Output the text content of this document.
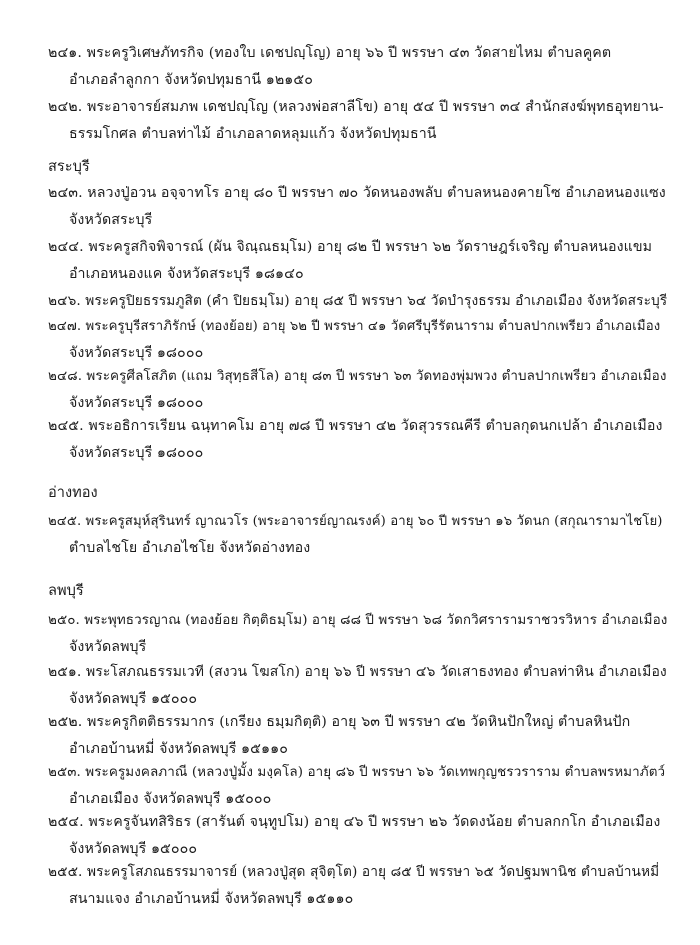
๒๔๑. พระครูวิเศษภัทรกิจ (ทองใบ เดชปญฺโญ) อายุ ๖๖ ปี พรรษา ๔๓ วัดสายไหม ตำบลคูคต
อำเภอลำลูกกา จังหวัดปทุมธานี ๑๒๑๕๐
๒๔๒. พระอาจารย์สมภพ เดชปญฺโญ (หลวงพ่อสาลีโข) อายุ ๕๔ ปี พรรษา ๓๔ สำนักสงฆ์พุทธอุทยาน-
ธรรมโกศล ตำบลท่าไม้ อำเภอลาดหลุมแก้ว จังหวัดปทุมธานี
สระบุรี
๒๔๓. หลวงปู่อวน อจฺจาทโร อายุ ๘๐ ปี พรรษา ๗๐ วัดหนองพลับ ตำบลหนองคายโซ อำเภอหนองแซง
จังหวัดสระบุรี
๒๔๔. พระครูสกิจพิจารณ์ (ผัน จิณฺณธมฺโม) อายุ ๘๒ ปี พรรษา ๖๒ วัดราษฎร์เจริญ ตำบลหนองแขม
อำเภอหนองแค จังหวัดสระบุรี ๑๘๑๔๐
๒๔๖. พระครูปิยธรรมภูสิต (คำ ปิยธมฺโม) อายุ ๘๕ ปี พรรษา ๖๔ วัดบำรุงธรรม อำเภอเมือง จังหวัดสระบุรี
๒๔๗. พระครูบุรีสราภิรักษ์ (ทองย้อย) อายุ ๖๒ ปี พรรษา ๔๑ วัดศรีบุรีรัตนาราม ตำบลปากเพรียว อำเภอเมือง
จังหวัดสระบุรี ๑๘๐๐๐
๒๔๘. พระครูศีลโสภิต (แถม วิสุทฺธสีโล) อายุ ๘๓ ปี พรรษา ๖๓ วัดทองพุ่มพวง ตำบลปากเพรียว อำเภอเมือง
จังหวัดสระบุรี ๑๘๐๐๐
๒๔๕. พระอธิการเรียน ฉนฺทาคโม อายุ ๗๘ ปี พรรษา ๔๒ วัดสุวรรณคีรี ตำบลกุดนกเปล้า อำเภอเมือง
จังหวัดสระบุรี ๑๘๐๐๐
อ่างทอง
๒๔๕. พระครูสมุห์สุรินทร์ ญาณวโร (พระอาจารย์ญาณรงค์) อายุ ๖๐ ปี พรรษา ๑๖ วัดนก (สกุณารามาไชโย)
ตำบลไชโย อำเภอไชโย จังหวัดอ่างทอง
ลพบุรี
๒๕๐. พระพุทธวรญาณ (ทองย้อย กิตฺติธมฺโม) อายุ ๘๘ ปี พรรษา ๖๘ วัดกวิศรารามราชวรวิหาร อำเภอเมือง
จังหวัดลพบุรี
๒๕๑. พระโสภณธรรมเวที (สงวน โฆสโก) อายุ ๖๖ ปี พรรษา ๔๖ วัดเสาธงทอง ตำบลท่าหิน อำเภอเมือง
จังหวัดลพบุรี ๑๕๐๐๐
๒๕๒. พระครูกิตติธรรมากร (เกรียง ธมฺมกิตฺติ) อายุ ๖๓ ปี พรรษา ๔๒ วัดหินปักใหญ่ ตำบลหินปัก
อำเภอบ้านหมี่ จังหวัดลพบุรี ๑๕๑๑๐
๒๕๓. พระครูมงคลภาณี (หลวงปู่มั้ง มงฺคโล) อายุ ๘๖ ปี พรรษา ๖๖ วัดเทพกุญชรวราราม ตำบลพรหมาภัตว์
อำเภอเมือง จังหวัดลพบุรี ๑๕๐๐๐
๒๕๔. พระครูจันทสิริธร (สารันต์ จนฺทูปโม) อายุ ๔๖ ปี พรรษา ๒๖ วัดดงน้อย ตำบลกกโก อำเภอเมือง
จังหวัดลพบุรี ๑๕๐๐๐
๒๕๕. พระครูโสภณธรรมาจารย์ (หลวงปู่สุด สุจิตฺโต) อายุ ๘๕ ปี พรรษา ๖๕ วัดปฐมพานิช ตำบลบ้านหมี่
สนามแจง อำเภอบ้านหมี่ จังหวัดลพบุรี ๑๕๑๑๐
